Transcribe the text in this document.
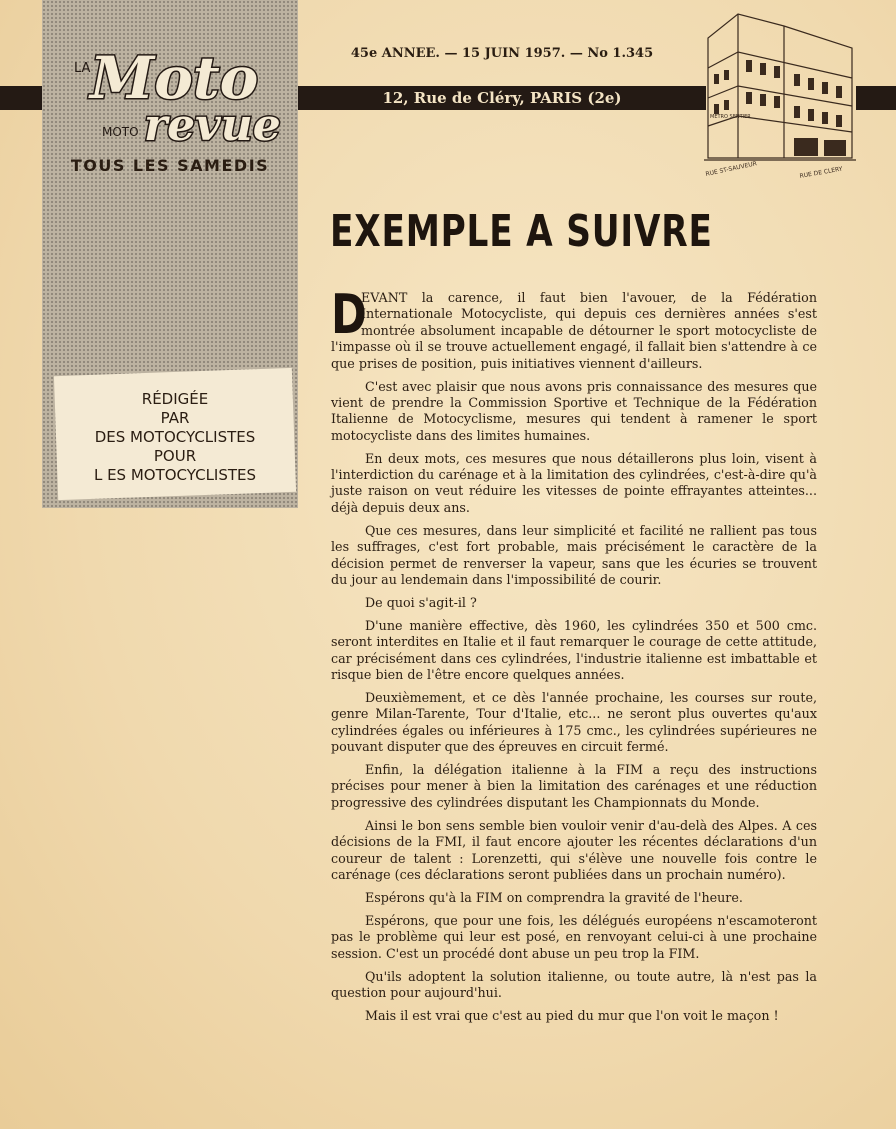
Moto
LA
MOTO revue
TOUS LES SAMEDIS
RÉDIGÉE
PAR
DES MOTOCYCLISTES
POUR
L ES MOTOCYCLISTES
45e ANNEE. — 15 JUIN 1957. — No 1.345
12, Rue de Cléry, PARIS (2e)
METRO SENTIER
RUE ST-SAUVEUR	RUE DE CLERY
EXEMPLE A SUIVRE

D
EVANT la carence, il faut bien l'avouer, de la Fédération Internationale Motocycliste, qui depuis ces dernières années s'est montrée absolument incapable de détourner le sport motocycliste de l'impasse où il se trouve actuellement engagé, il fallait bien s'attendre à ce que prises de position, puis initiatives viennent d'ailleurs.

C'est avec plaisir que nous avons pris connaissance des mesures que vient de prendre la Commission Sportive et Technique de la Fédération Italienne de Motocyclisme, mesures qui tendent à ramener le sport motocycliste dans des limites humaines.

En deux mots, ces mesures que nous détaillerons plus loin, visent à l'interdiction du carénage et à la limitation des cylindrées, c'est-à-dire qu'à juste raison on veut réduire les vitesses de pointe effrayantes atteintes... déjà depuis deux ans.

Que ces mesures, dans leur simplicité et facilité ne rallient pas tous les suffrages, c'est fort probable, mais précisément le caractère de la décision permet de renverser la vapeur, sans que les écuries se trouvent du jour au lendemain dans l'impossibilité de courir.

De quoi s'agit-il ?

D'une manière effective, dès 1960, les cylindrées 350 et 500 cmc. seront interdites en Italie et il faut remarquer le courage de cette attitude, car précisément dans ces cylindrées, l'industrie italienne est imbattable et risque bien de l'être encore quelques années.

Deuxièmement, et ce dès l'année prochaine, les courses sur route, genre Milan-Tarente, Tour d'Italie, etc... ne seront plus ouvertes qu'aux cylindrées égales ou inférieures à 175 cmc., les cylindrées supérieures ne pouvant disputer que des épreuves en circuit fermé.

Enfin, la délégation italienne à la FIM a reçu des instructions précises pour mener à bien la limitation des carénages et une réduction progressive des cylindrées disputant les Championnats du Monde.

Ainsi le bon sens semble bien vouloir venir d'au-delà des Alpes. A ces décisions de la FMI, il faut encore ajouter les récentes déclarations d'un coureur de talent : Lorenzetti, qui s'élève une nouvelle fois contre le carénage (ces déclarations seront publiées dans un prochain numéro).

Espérons qu'à la FIM on comprendra la gravité de l'heure.

Espérons, que pour une fois, les délégués européens n'escamoteront pas le problème qui leur est posé, en renvoyant celui-ci à une prochaine session. C'est un procédé dont abuse un peu trop la FIM.

Qu'ils adoptent la solution italienne, ou toute autre, là n'est pas la question pour aujourd'hui.

Mais il est vrai que c'est au pied du mur que l'on voit le maçon !
